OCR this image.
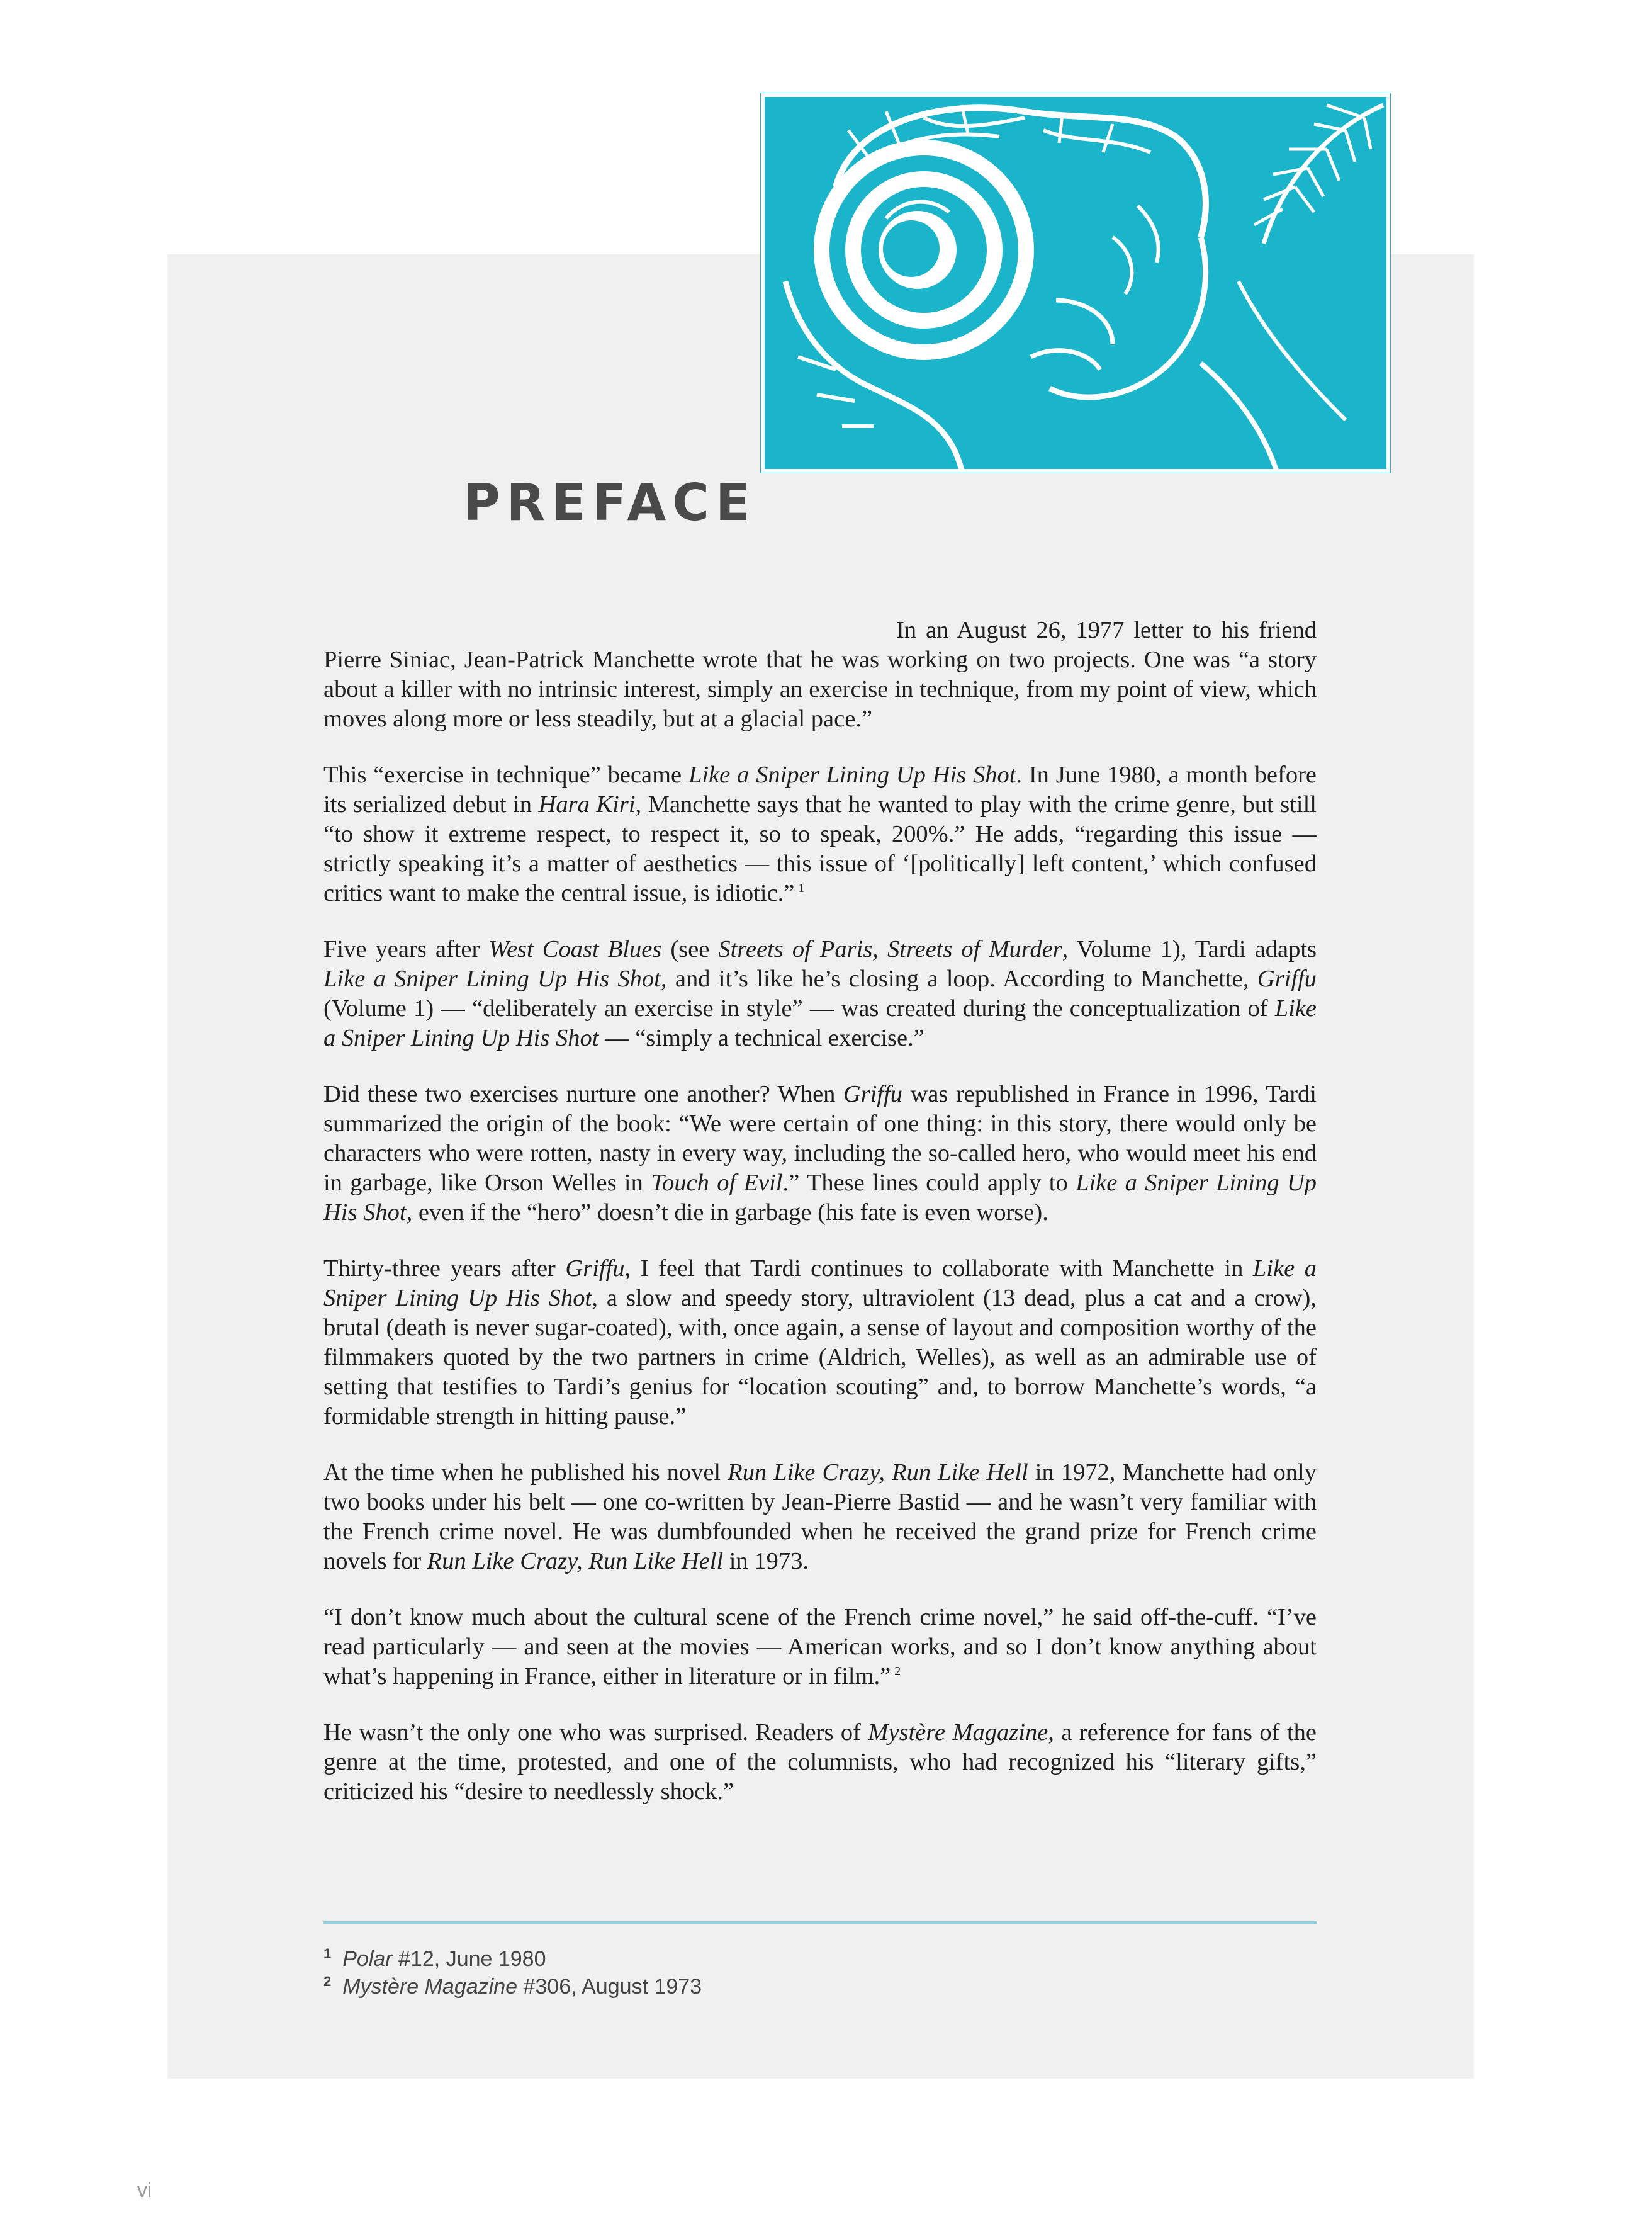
PREFACE

In an August 26, 1977 letter to his friend Pierre Siniac, Jean-Patrick Manchette wrote that he was working on two projects. One was “a story about a killer with no intrinsic interest, simply an exercise in technique, from my point of view, which moves along more or less steadily, but at a glacial pace.”

This “exercise in technique” became Like a Sniper Lining Up His Shot. In June 1980, a month before its serialized debut in Hara Kiri, Manchette says that he wanted to play with the crime genre, but still “to show it extreme respect, to respect it, so to speak, 200%.” He adds, “regarding this issue — strictly speaking it’s a matter of aesthetics — this issue of ‘[politically] left content,’ which confused critics want to make the central issue, is idiotic.” $^1$

Five years after West Coast Blues (see Streets of Paris, Streets of Murder, Volume 1), Tardi adapts Like a Sniper Lining Up His Shot, and it’s like he’s closing a loop. According to Manchette, Griffu (Volume 1) — “deliberately an exercise in style” — was created during the conceptualization of Like a Sniper Lining Up His Shot — “simply a technical exercise.”

Did these two exercises nurture one another? When Griffu was republished in France in 1996, Tardi summarized the origin of the book: “We were certain of one thing: in this story, there would only be characters who were rotten, nasty in every way, including the so-called hero, who would meet his end in garbage, like Orson Welles in Touch of Evil.” These lines could apply to Like a Sniper Lining Up His Shot, even if the “hero” doesn’t die in garbage (his fate is even worse).

Thirty-three years after Griffu, I feel that Tardi continues to collaborate with Manchette in Like a Sniper Lining Up His Shot, a slow and speedy story, ultraviolent (13 dead, plus a cat and a crow), brutal (death is never sugar-coated), with, once again, a sense of layout and composition worthy of the filmmakers quoted by the two partners in crime (Aldrich, Welles), as well as an admirable use of setting that testifies to Tardi’s genius for “location scouting” and, to borrow Manchette’s words, “a formidable strength in hitting pause.”

At the time when he published his novel Run Like Crazy, Run Like Hell in 1972, Manchette had only two books under his belt — one co-written by Jean-Pierre Bastid — and he wasn’t very familiar with the French crime novel. He was dumbfounded when he received the grand prize for French crime novels for Run Like Crazy, Run Like Hell in 1973.

“I don’t know much about the cultural scene of the French crime novel,” he said off-the-cuff. “I’ve read particularly — and seen at the movies — American works, and so I don’t know anything about what’s happening in France, either in literature or in film.” $^2$

He wasn’t the only one who was surprised. Readers of Mystère Magazine, a reference for fans of the genre at the time, protested, and one of the columnists, who had recognized his “literary gifts,” criticized his “desire to needlessly shock.”

$^1$ Polar #12, June 1980
$^2$ Mystère Magazine #306, August 1973
vi
